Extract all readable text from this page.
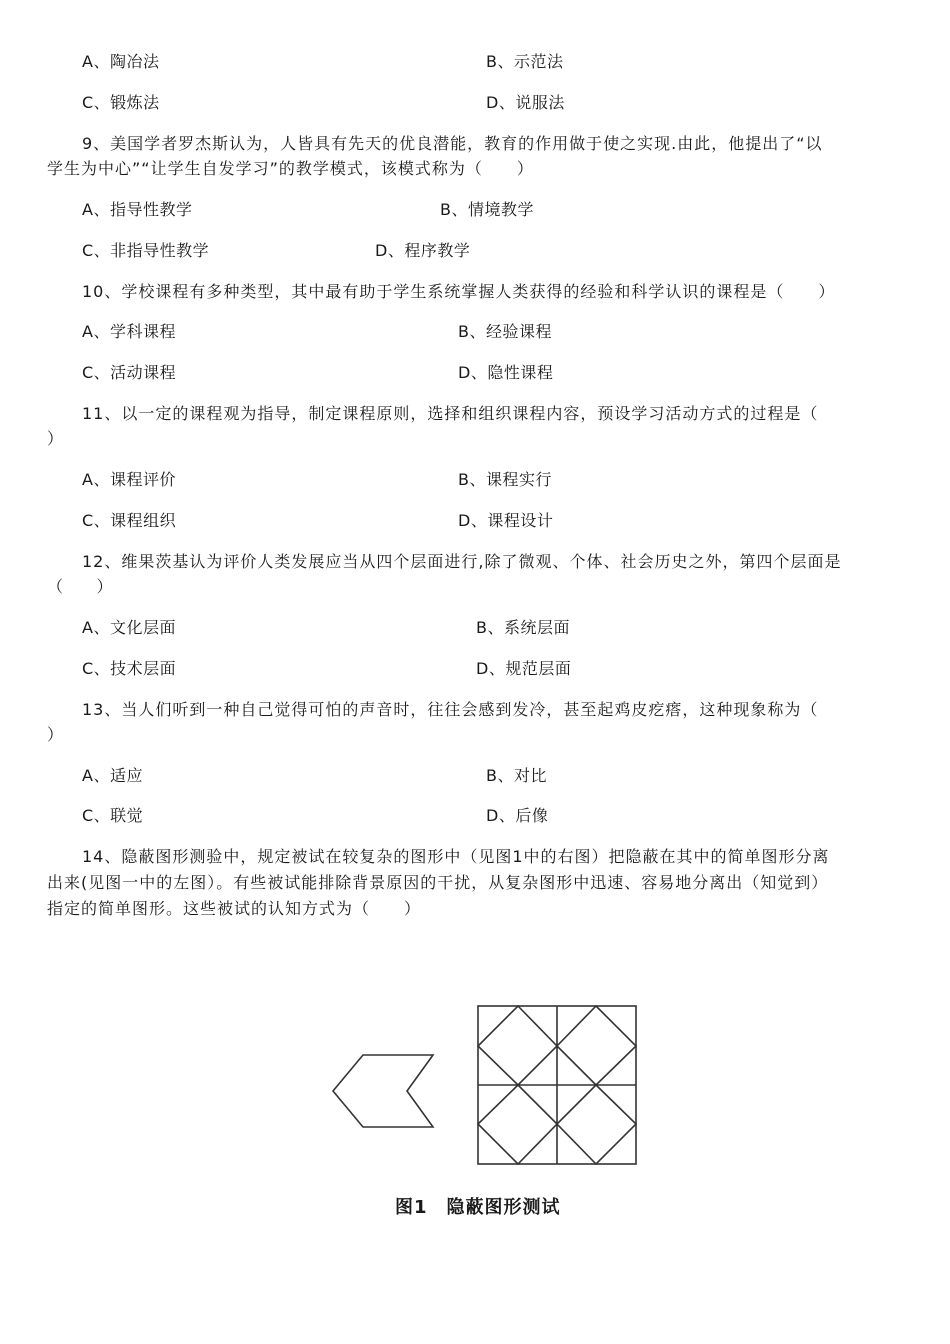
A、陶冶法	B、示范法
C、锻炼法	D、说服法
9、美国学者罗杰斯认为，人皆具有先天的优良潜能，教育的作用做于使之实现.由此，他提出了“以
学生为中心”“让学生自发学习”的教学模式，该模式称为（　　）
A、指导性教学	B、情境教学
C、非指导性教学	D、程序教学
10、学校课程有多种类型，其中最有助于学生系统掌握人类获得的经验和科学认识的课程是（　　）
A、学科课程	B、经验课程
C、活动课程	D、隐性课程
11、以一定的课程观为指导，制定课程原则，选择和组织课程内容，预设学习活动方式的过程是（
）
A、课程评价	B、课程实行
C、课程组织	D、课程设计
12、维果茨基认为评价人类发展应当从四个层面进行,除了微观、个体、社会历史之外，第四个层面是
（　　）
A、文化层面	B、系统层面
C、技术层面	D、规范层面
13、当人们听到一种自己觉得可怕的声音时，往往会感到发冷，甚至起鸡皮疙瘩，这种现象称为（
）
A、适应	B、对比
C、联觉	D、后像
14、隐蔽图形测验中，规定被试在较复杂的图形中（见图1中的右图）把隐蔽在其中的简单图形分离
出来(见图一中的左图）。有些被试能排除背景原因的干扰，从复杂图形中迅速、容易地分离出（知觉到）
指定的简单图形。这些被试的认知方式为（　　）
图1　隐蔽图形测试
